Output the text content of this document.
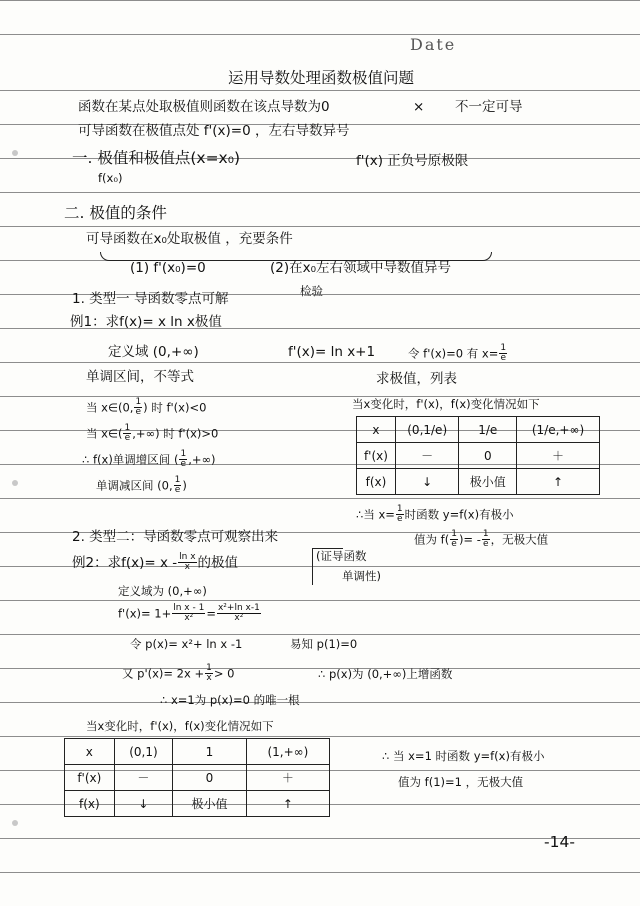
Date
运用导数处理函数极值问题
函数在某点处取极值则函数在该点导数为0	× 不一定可导
可导函数在极值点处 f'(x)=0 ，左右导数异号
一. 极值和极值点(x=x₀)	f'(x) 正负号原极限
f(x₀)
二. 极值的条件
可导函数在x₀处取极值 ，充要条件
(1) f'(x₀)=0	(2)在x₀左右领域中导数值异号
检验
1. 类型一 导函数零点可解
例1：求f(x)= x ln x极值
定义域 (0,+∞)	f'(x)= ln x+1	令 f'(x)=0 有 $x= \frac{1}{e}$
单调区间，不等式	求极值，列表
当 x∈(0, $\frac{1}{e}$ ) 时 f'(x)<0	当x变化时，f'(x)，f(x)变化情况如下
当 x∈( $\frac{1}{e}$ ,+∞) 时 f'(x)>0
∴ f(x)单调增区间 ( $\frac{1}{e}$ ,+∞)
单调减区间 (0, $\frac{1}{e}$ )
x	(0,1/e)	1/e	(1/e,+∞)
f'(x)	－	0	＋
f(x)	↓	极小值	↑
∴当 $x= \frac{1}{e}$ 时函数 y=f(x)有极小
值为 $f( \frac{1}{e}$ )= - $\frac{1}{e}$ ，无极大值
2. 类型二：导函数零点可观察出来
例2：求$f(x)= x - \frac{\text{ln x}}{x}$ 的极值	(证导函数
单调性)
定义域为 (0,+∞)
$f'(x)= 1+ \frac{\text{ln x - 1}}{\text{x²}} = \frac{\text{x²+ln x-1}}{\text{x²}}$
令 p(x)= x²+ ln x -1	易知 p(1)=0
又 $p'(x)= 2x + \frac{1}{x} > 0$	∴ p(x)为 (0,+∞)上增函数
∴ x=1为 p(x)=0 的唯一根
当x变化时，f'(x)，f(x)变化情况如下
x	(0,1)	1	(1,+∞)
f'(x)	－	0	＋
f(x)	↓	极小值	↑
∴ 当 x=1 时函数 y=f(x)有极小
值为 f(1)=1 ，无极大值
-14-
